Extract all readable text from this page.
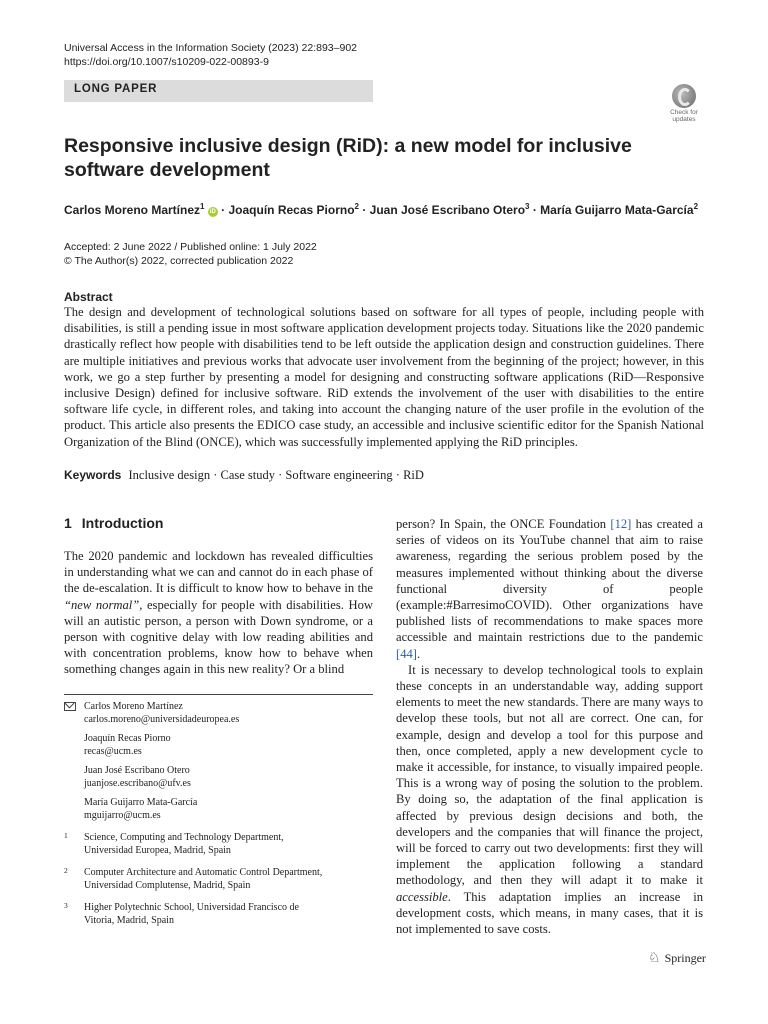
Universal Access in the Information Society (2023) 22:893–902
https://doi.org/10.1007/s10209-022-00893-9
LONG PAPER
Check for
updates
Responsive inclusive design (RiD): a new model for inclusive software development
Carlos Moreno Martínez$^1$ iD · Joaquín Recas Piorno$^2$ · Juan José Escribano Otero$^3$ · María Guijarro Mata-García$^2$
Accepted: 2 June 2022 / Published online: 1 July 2022
© The Author(s) 2022, corrected publication 2022
Abstract
The design and development of technological solutions based on software for all types of people, including people with disabilities, is still a pending issue in most software application development projects today. Situations like the 2020 pandemic drastically reflect how people with disabilities tend to be left outside the application design and construction guidelines. There are multiple initiatives and previous works that advocate user involvement from the beginning of the project; however, in this work, we go a step further by presenting a model for designing and constructing software applications (RiD—Responsive inclusive Design) defined for inclusive software. RiD extends the involvement of the user with disabilities to the entire software life cycle, in different roles, and taking into account the changing nature of the user profile in the evolution of the product. This article also presents the EDICO case study, an accessible and inclusive scientific editor for the Spanish National Organization of the Blind (ONCE), which was successfully implemented applying the RiD principles.
Keywords Inclusive design · Case study · Software engineering · RiD
1 Introduction
The 2020 pandemic and lockdown has revealed difficulties in understanding what we can and cannot do in each phase of the de-escalation. It is difficult to know how to behave in the “new normal”, especially for people with disabilities. How will an autistic person, a person with Down syndrome, or a person with cognitive delay with low reading abilities and with concentration problems, know how to behave when something changes again in this new reality? Or a blind

person? In Spain, the ONCE Foundation [12] has created a series of videos on its YouTube channel that aim to raise awareness, regarding the serious problem posed by the measures implemented without thinking about the diverse functional diversity of people (example:#BarresimoCOVID). Other organizations have published lists of recommendations to make spaces more accessible and maintain restrictions due to the pandemic [44].

It is necessary to develop technological tools to explain these concepts in an understandable way, adding support elements to meet the new standards. There are many ways to develop these tools, but not all are correct. One can, for example, design and develop a tool for this purpose and then, once completed, apply a new development cycle to make it accessible, for instance, to visually impaired people. This is a wrong way of posing the solution to the problem. By doing so, the adaptation of the final application is affected by previous design decisions and both, the developers and the companies that will finance the project, will be forced to carry out two developments: first they will implement the application following a standard methodology, and then they will adapt it to make it accessible. This adaptation implies an increase in development costs, which means, in many cases, that it is not implemented to save costs.

Carlos Moreno Martínez
carlos.moreno@universidadeuropea.es
Joaquín Recas Piorno
recas@ucm.es
Juan José Escribano Otero
juanjose.escribano@ufv.es
María Guijarro Mata-García
mguijarro@ucm.es
1 Science, Computing and Technology Department,
Universidad Europea, Madrid, Spain
2 Computer Architecture and Automatic Control Department,
Universidad Complutense, Madrid, Spain
3 Higher Polytechnic School, Universidad Francisco de
Vitoria, Madrid, Spain
♘ Springer
